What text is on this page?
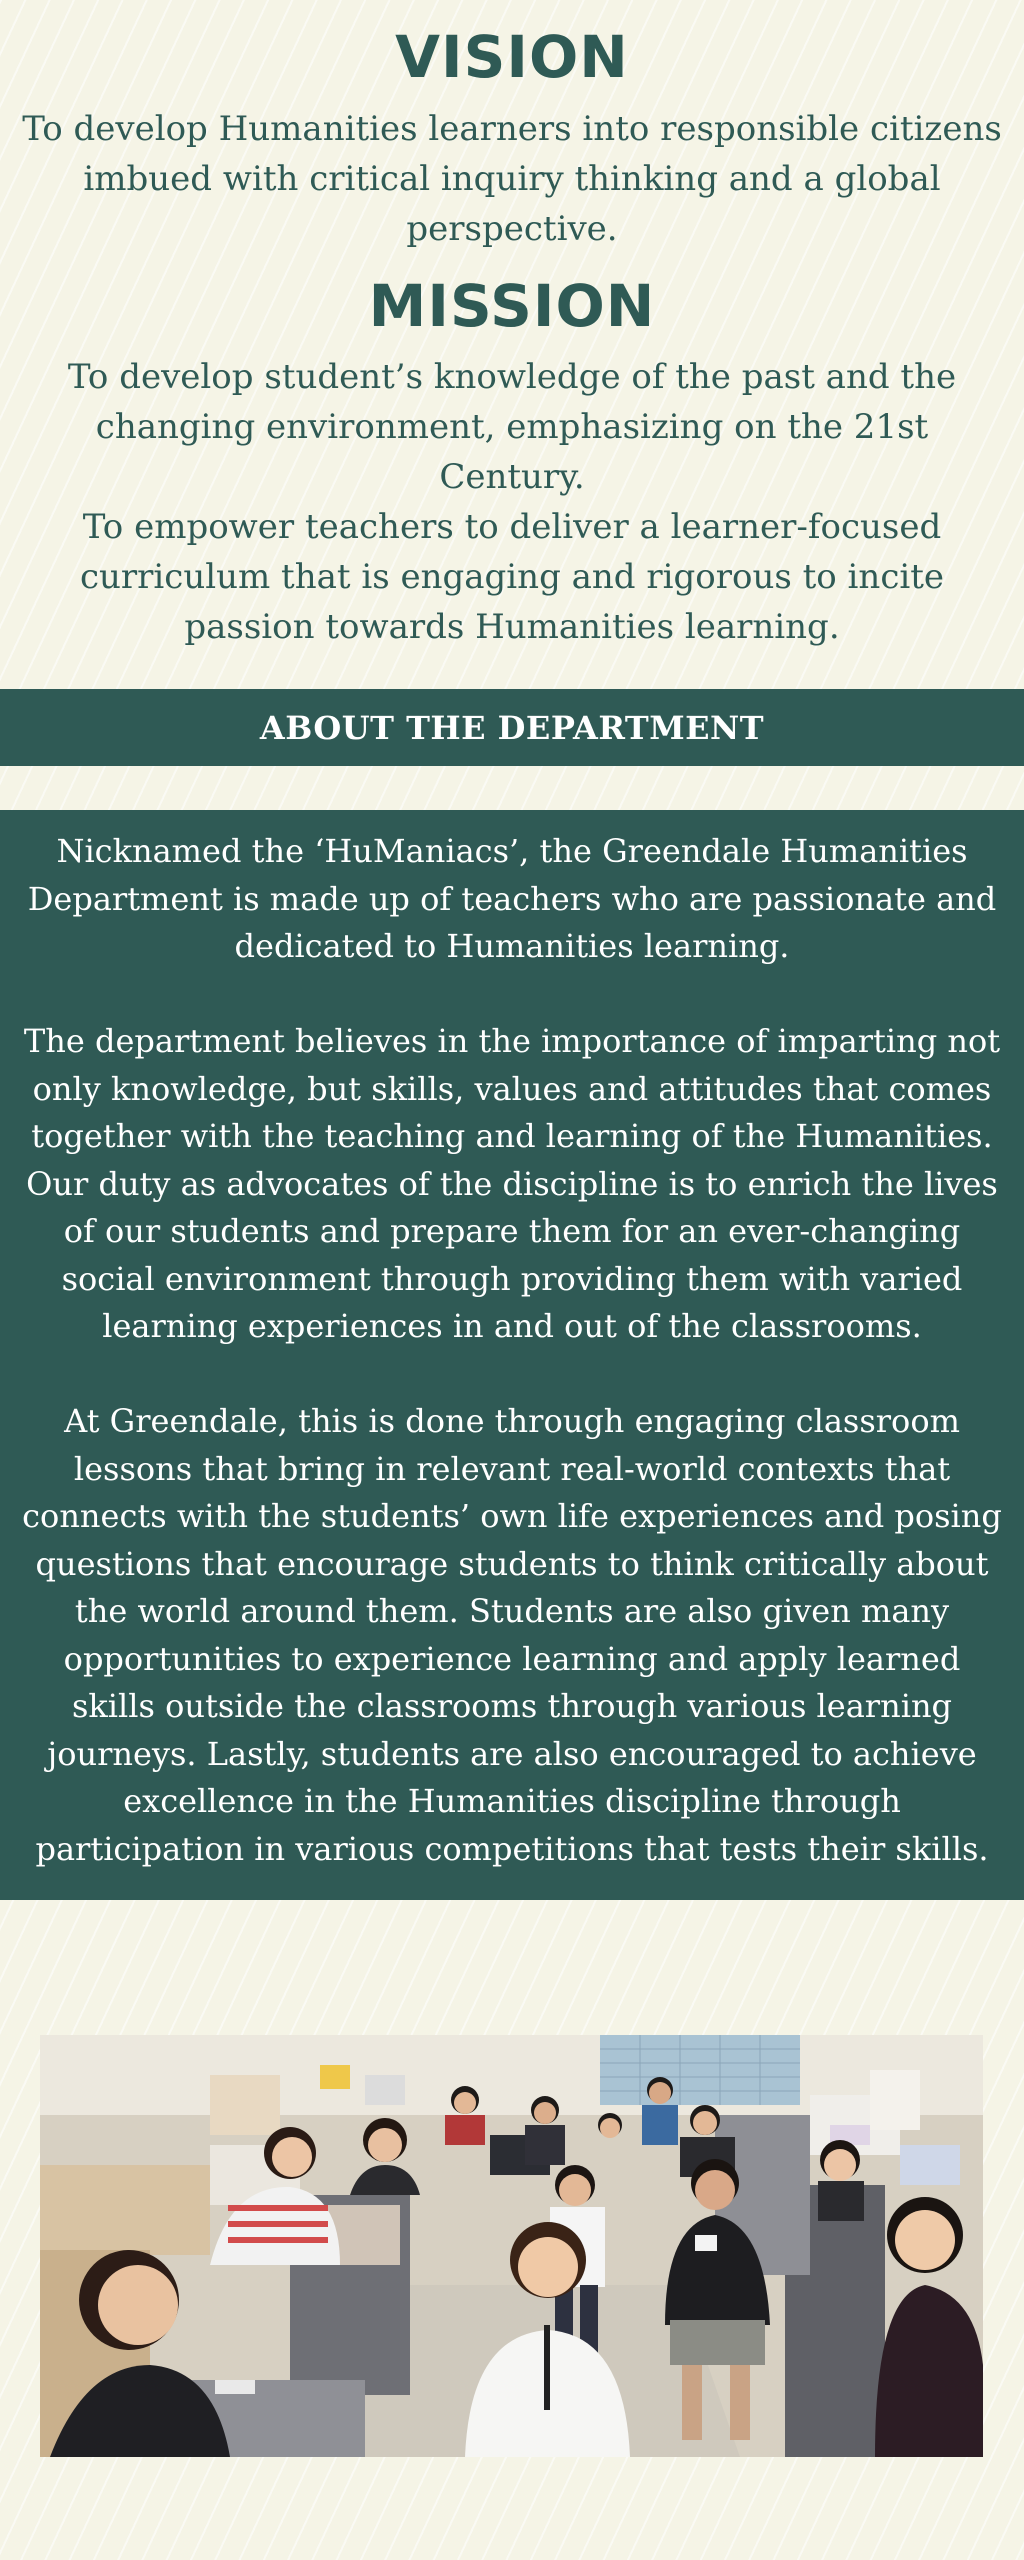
VISION

To develop Humanities learners into responsible citizens imbued with critical inquiry thinking and a global perspective.

MISSION

To develop student’s knowledge of the past and the changing environment, emphasizing on the 21st Century.

To empower teachers to deliver a learner-focused curriculum that is engaging and rigorous to incite passion towards Humanities learning.

ABOUT THE DEPARTMENT

Nicknamed the ‘HuManiacs’, the Greendale Humanities Department is made up of teachers who are passionate and dedicated to Humanities learning.

The department believes in the importance of imparting not only knowledge, but skills, values and attitudes that comes together with the teaching and learning of the Humanities. Our duty as advocates of the discipline is to enrich the lives of our students and prepare them for an ever-changing social environment through providing them with varied learning experiences in and out of the classrooms.

At Greendale, this is done through engaging classroom lessons that bring in relevant real-world contexts that connects with the students’ own life experiences and posing questions that encourage students to think critically about the world around them. Students are also given many opportunities to experience learning and apply learned skills outside the classrooms through various learning journeys. Lastly, students are also encouraged to achieve excellence in the Humanities discipline through participation in various competitions that tests their skills.
